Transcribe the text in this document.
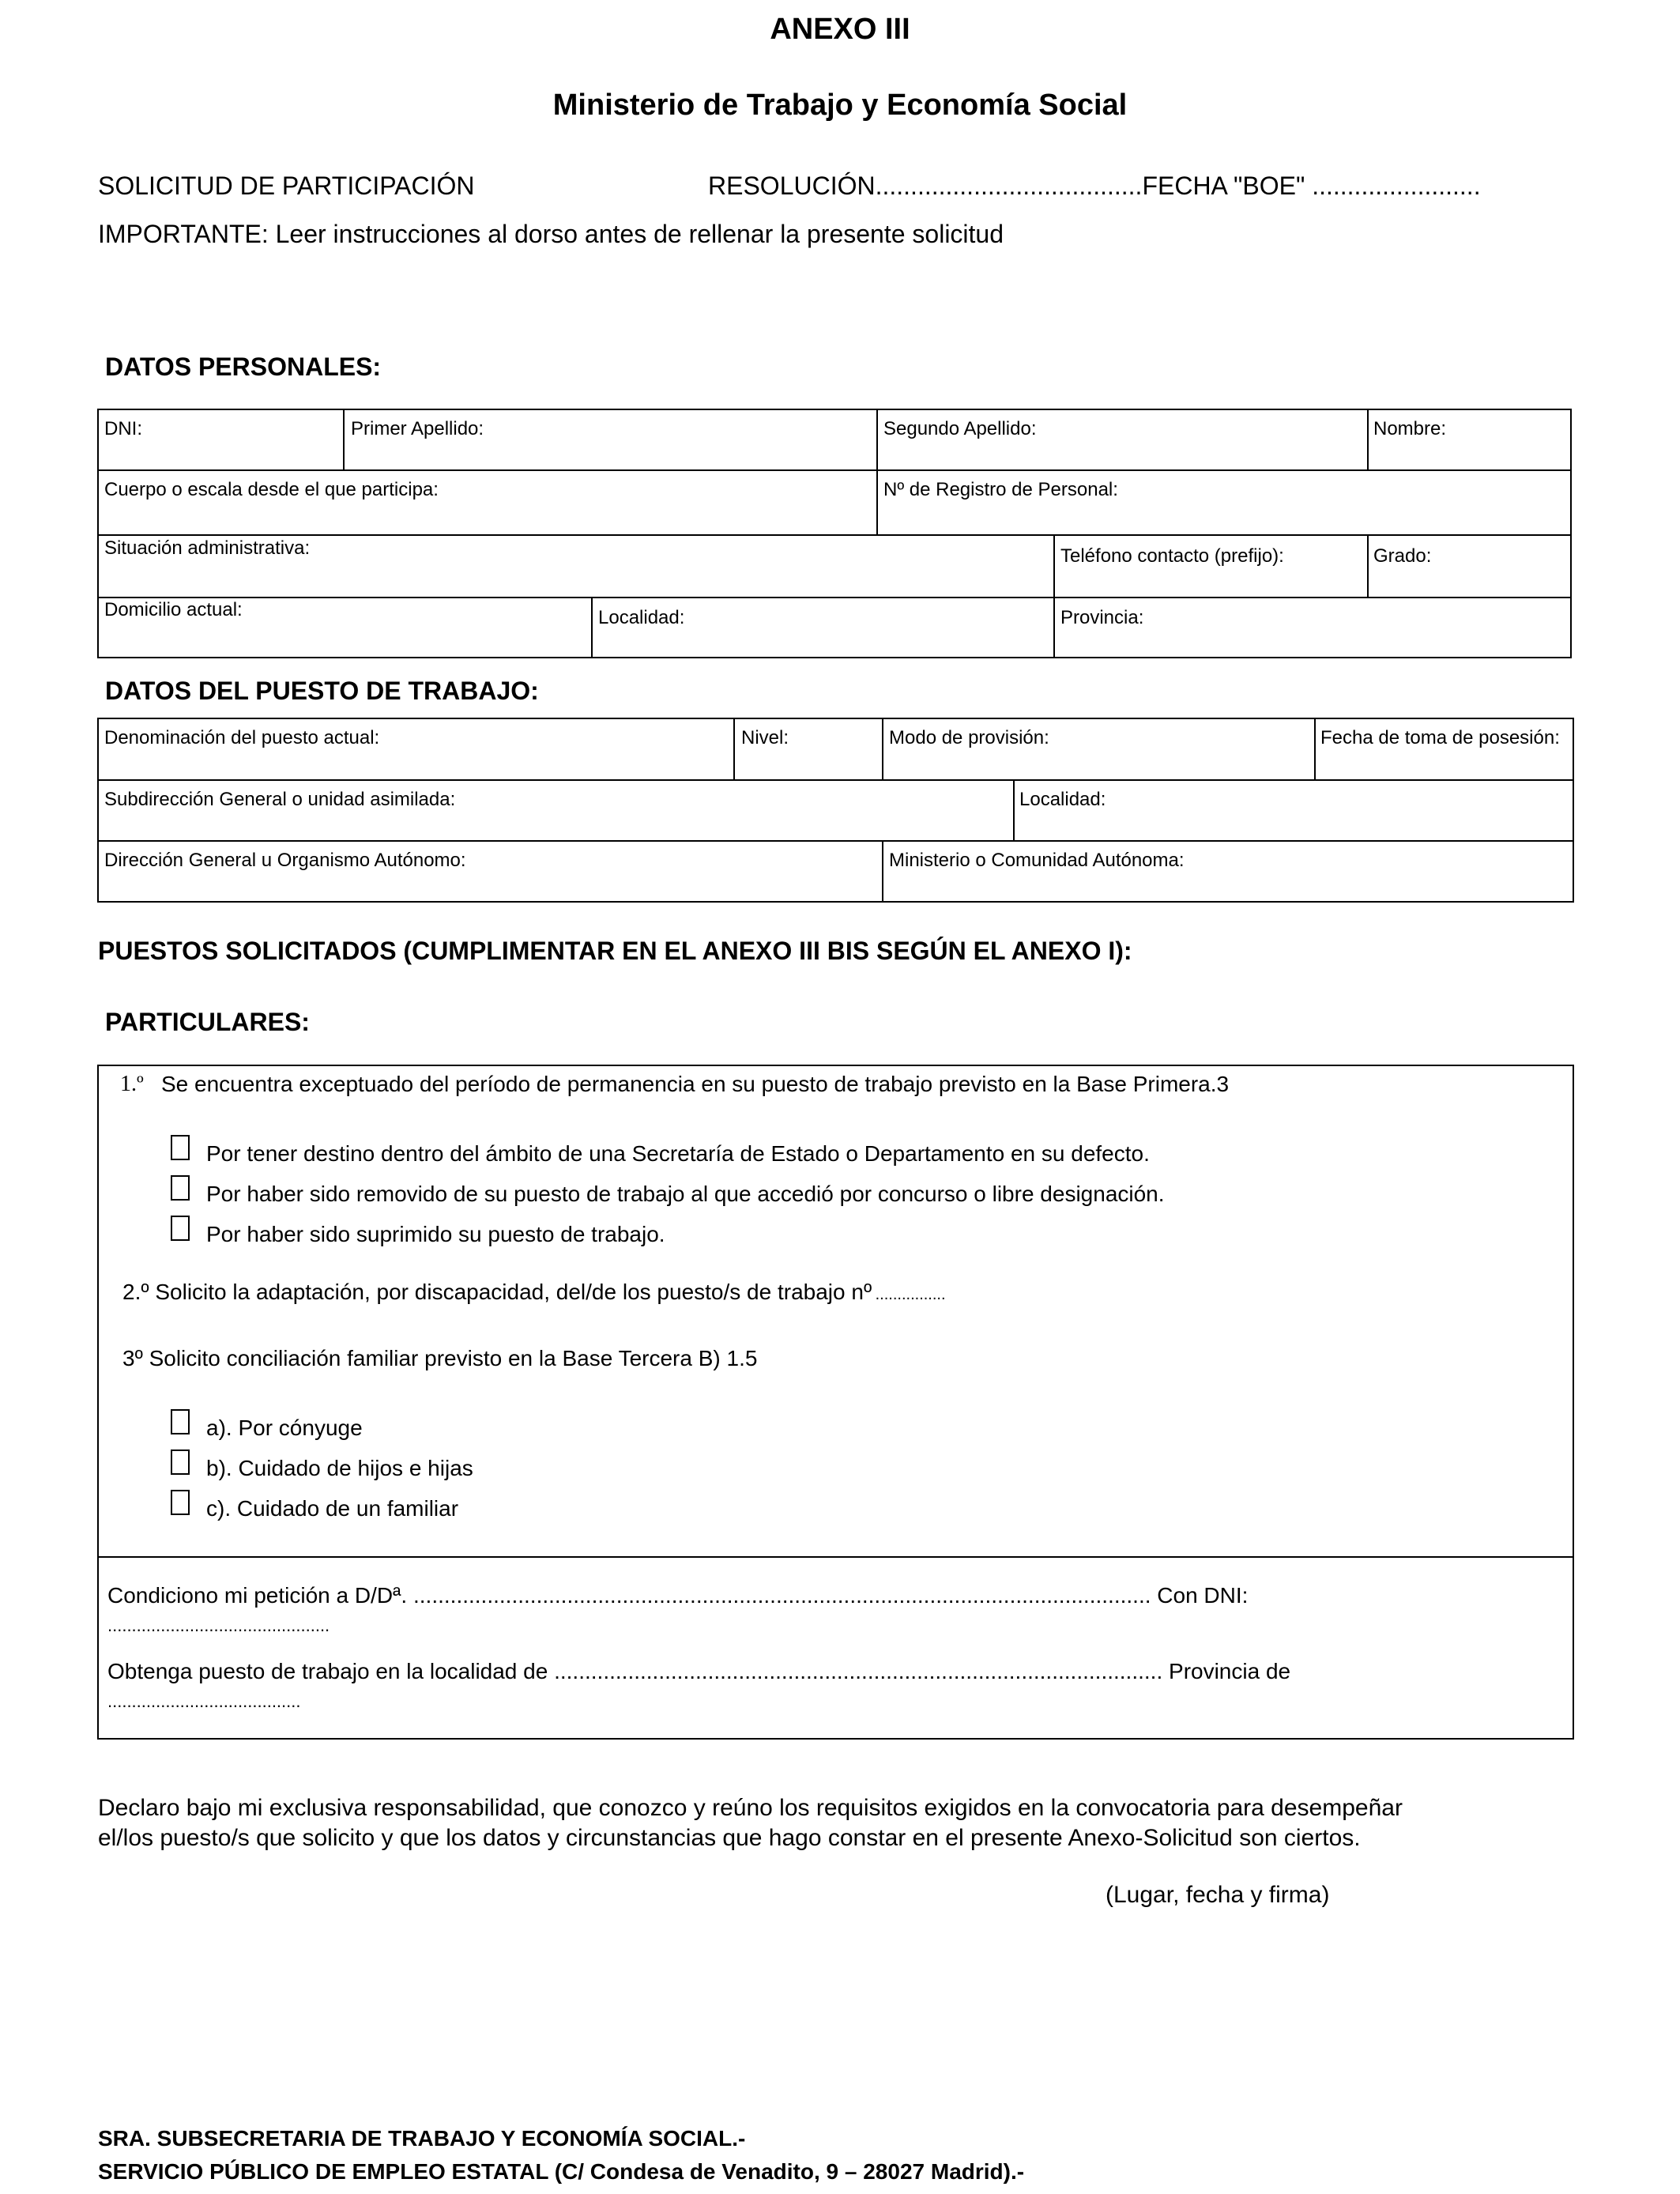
ANEXO III
Ministerio de Trabajo y Economía Social
SOLICITUD DE PARTICIPACIÓN	RESOLUCIÓN......................................FECHA "BOE" ........................
IMPORTANTE: Leer instrucciones al dorso antes de rellenar la presente solicitud
DATOS PERSONALES:
DNI:	Primer Apellido:	Segundo Apellido:	Nombre:
Cuerpo o escala desde el que participa:	Nº de Registro de Personal:
Situación administrativa:	Teléfono contacto (prefijo):	Grado:
Domicilio actual:	Localidad:	Provincia:
DATOS DEL PUESTO DE TRABAJO:
Denominación del puesto actual:	Nivel:	Modo de provisión:	Fecha de toma de posesión:
Subdirección General o unidad asimilada:	Localidad:
Dirección General u Organismo Autónomo:	Ministerio o Comunidad Autónoma:
PUESTOS SOLICITADOS (CUMPLIMENTAR EN EL ANEXO III BIS SEGÚN EL ANEXO I):
PARTICULARES:
1.º Se encuentra exceptuado del período de permanencia en su puesto de trabajo previsto en la Base Primera.3
Por tener destino dentro del ámbito de una Secretaría de Estado o Departamento en su defecto.
Por haber sido removido de su puesto de trabajo al que accedió por concurso o libre designación.
Por haber sido suprimido su puesto de trabajo.
2.º Solicito la adaptación, por discapacidad, del/de los puesto/s de trabajo nº ................
3º Solicito conciliación familiar previsto en la Base Tercera B) 1.5
a). Por cónyuge
b). Cuidado de hijos e hijas
c). Cuidado de un familiar
Condiciono mi petición a D/Dª. ........................................................................................................................ Con DNI:
..............................................
Obtenga puesto de trabajo en la localidad de ................................................................................................... Provincia de
........................................
Declaro bajo mi exclusiva responsabilidad, que conozco y reúno los requisitos exigidos en la convocatoria para desempeñar
el/los puesto/s que solicito y que los datos y circunstancias que hago constar en el presente Anexo-Solicitud son ciertos.
(Lugar, fecha y firma)
SRA. SUBSECRETARIA DE TRABAJO Y ECONOMÍA SOCIAL.-
SERVICIO PÚBLICO DE EMPLEO ESTATAL (C/ Condesa de Venadito, 9 – 28027 Madrid).-
